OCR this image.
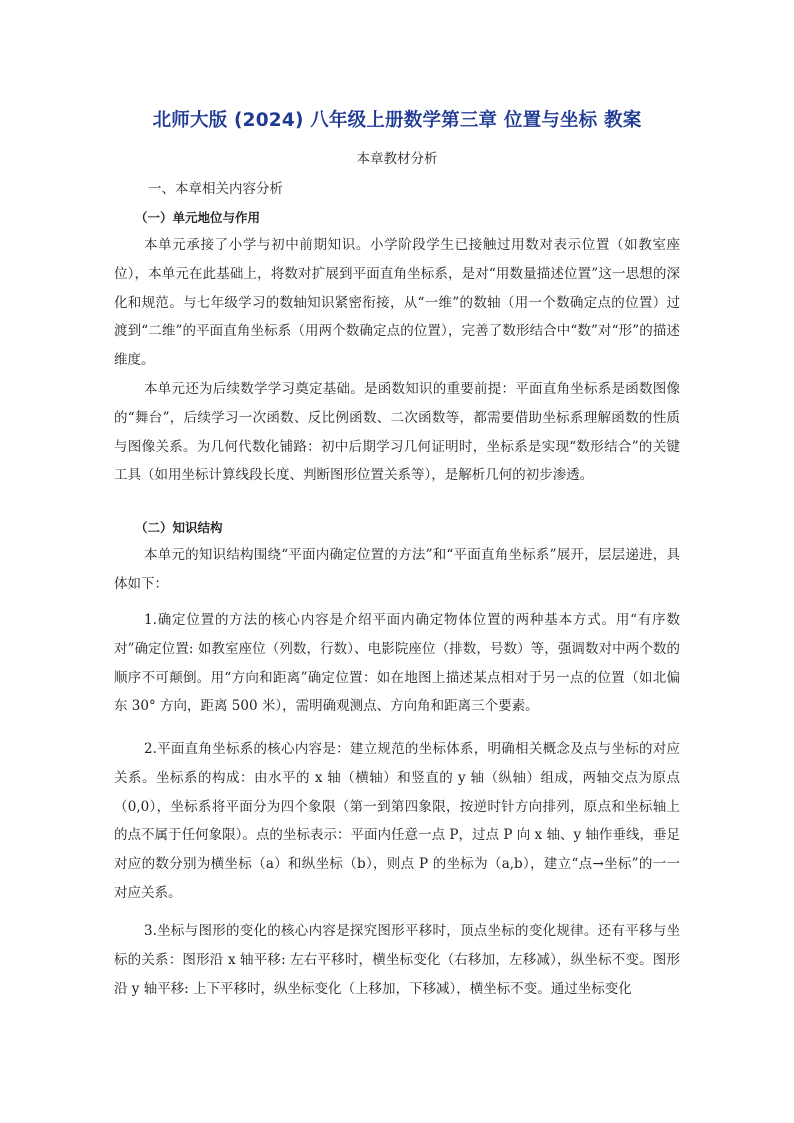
北师大版 (2024) 八年级上册数学第三章 位置与坐标 教案
本章教材分析
一、本章相关内容分析
（一）单元地位与作用

本单元承接了小学与初中前期知识。小学阶段学生已接触过用数对表示位置（如教室座位），本单元在此基础上，将数对扩展到平面直角坐标系，是对“用数量描述位置”这一思想的深化和规范。与七年级学习的数轴知识紧密衔接，从“一维”的数轴（用一个数确定点的位置）过渡到“二维”的平面直角坐标系（用两个数确定点的位置），完善了数形结合中“数”对“形”的描述维度。

本单元还为后续数学学习奠定基础。是函数知识的重要前提：平面直角坐标系是函数图像的“舞台”，后续学习一次函数、反比例函数、二次函数等，都需要借助坐标系理解函数的性质与图像关系。为几何代数化铺路：初中后期学习几何证明时，坐标系是实现“数形结合”的关键工具（如用坐标计算线段长度、判断图形位置关系等），是解析几何的初步渗透。

（二）知识结构

本单元的知识结构围绕“平面内确定位置的方法”和“平面直角坐标系”展开，层层递进，具体如下：

1.确定位置的方法的核心内容是介绍平面内确定物体位置的两种基本方式。用“有序数对”确定位置: 如教室座位（列数，行数）、电影院座位（排数，号数）等，强调数对中两个数的顺序不可颠倒。用“方向和距离”确定位置：如在地图上描述某点相对于另一点的位置（如北偏东 30° 方向，距离 500 米），需明确观测点、方向角和距离三个要素。

2.平面直角坐标系的核心内容是：建立规范的坐标体系，明确相关概念及点与坐标的对应关系。坐标系的构成：由水平的 x 轴（横轴）和竖直的 y 轴（纵轴）组成，两轴交点为原点（0,0），坐标系将平面分为四个象限（第一到第四象限，按逆时针方向排列，原点和坐标轴上的点不属于任何象限）。点的坐标表示：平面内任意一点 P，过点 P 向 x 轴、y 轴作垂线，垂足对应的数分别为横坐标（a）和纵坐标（b），则点 P 的坐标为（a,b），建立“点→坐标”的一一对应关系。

3.坐标与图形的变化的核心内容是探究图形平移时，顶点坐标的变化规律。还有平移与坐标的关系：图形沿 x 轴平移: 左右平移时，横坐标变化（右移加，左移减），纵坐标不变。图形沿 y 轴平移: 上下平移时，纵坐标变化（上移加，下移减），横坐标不变。通过坐标变化
